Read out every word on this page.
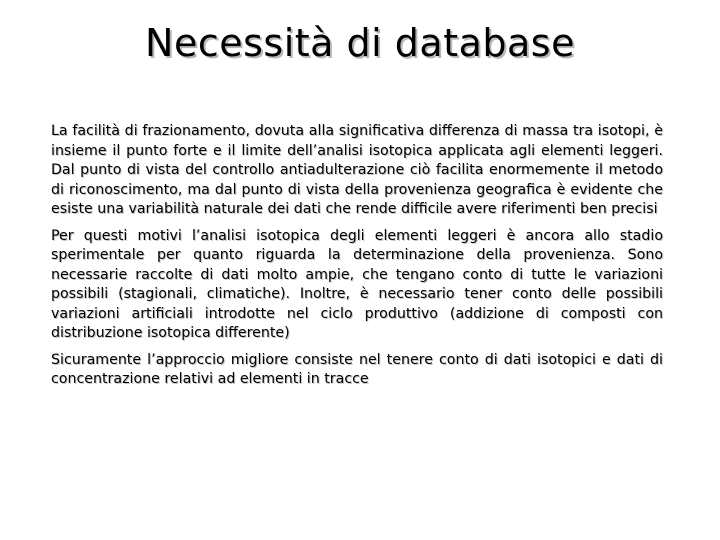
Necessità di database

La facilità di frazionamento, dovuta alla significativa differenza di massa tra isotopi, è insieme il punto forte e il limite dell’analisi isotopica applicata agli elementi leggeri. Dal punto di vista del controllo antiadulterazione ciò facilita enormemente il metodo di riconoscimento, ma dal punto di vista della provenienza geografica è evidente che esiste una variabilità naturale dei dati che rende difficile avere riferimenti ben precisi

Per questi motivi l’analisi isotopica degli elementi leggeri è ancora allo stadio sperimentale per quanto riguarda la determinazione della provenienza. Sono necessarie raccolte di dati molto ampie, che tengano conto di tutte le variazioni possibili (stagionali, climatiche). Inoltre, è necessario tener conto delle possibili variazioni artificiali introdotte nel ciclo produttivo (addizione di composti con distribuzione isotopica differente)

Sicuramente l’approccio migliore consiste nel tenere conto di dati isotopici e dati di concentrazione relativi ad elementi in tracce
